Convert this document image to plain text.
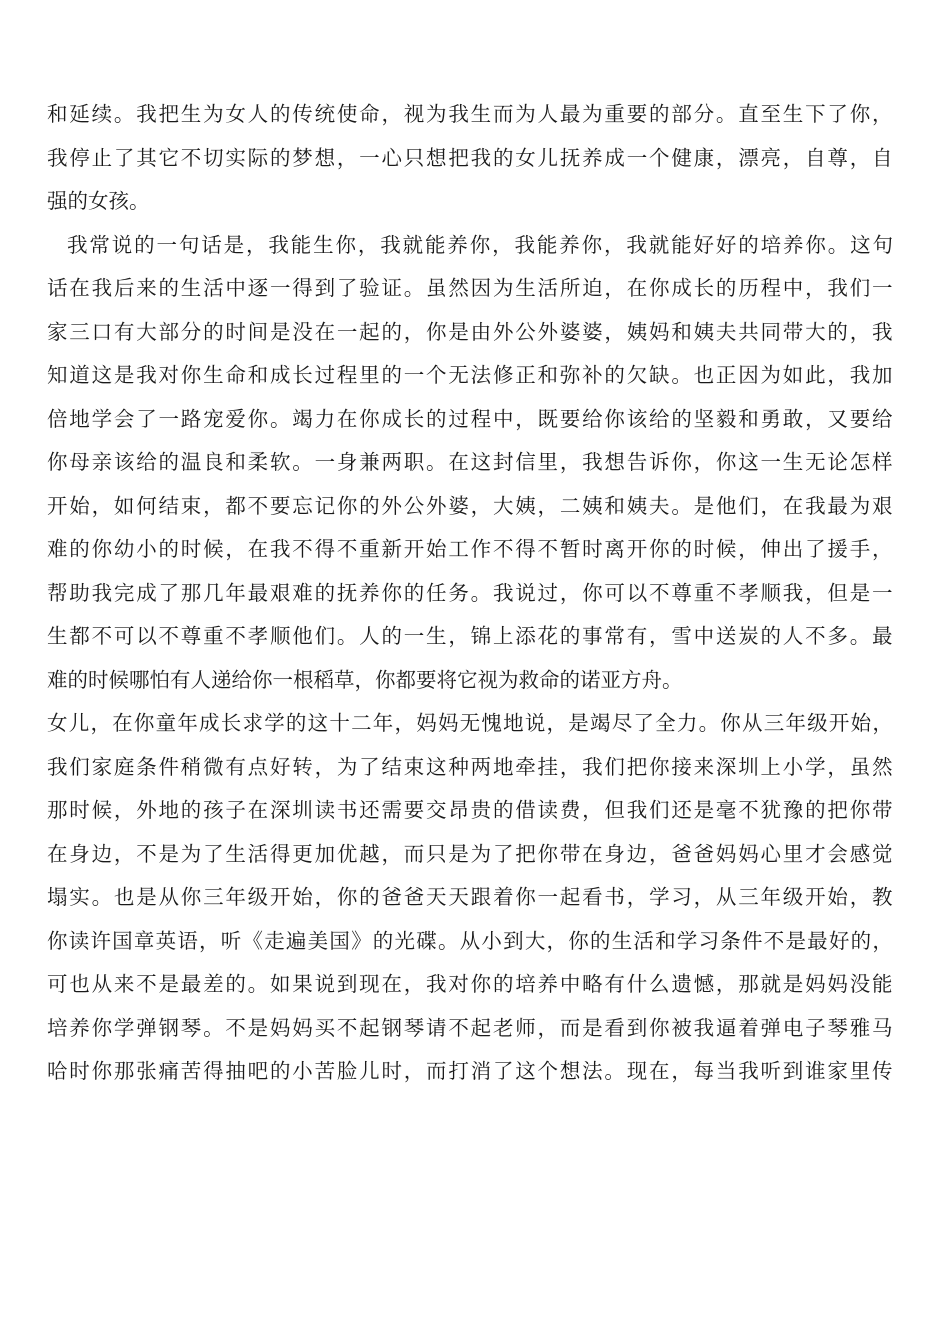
和 延 续 。 我 把 生 为 女 人 的 传 统 使 命 ， 视 为 我 生 而 为 人 最 为 重 要 的 部 分 。 直 至 生 下 了 你 ，
我 停 止 了 其 它 不 切 实 际 的 梦 想 ， 一 心 只 想 把 我 的 女 儿 抚 养 成 一 个 健 康 ， 漂 亮 ， 自 尊 ， 自
强的女孩。
我 常 说 的 一 句 话 是 ， 我 能 生 你 ， 我 就 能 养 你 ， 我 能 养 你 ， 我 就 能 好 好 的 培 养 你 。 这 句
话 在 我 后 来 的 生 活 中 逐 一 得 到 了 验 证 。 虽 然 因 为 生 活 所 迫 ， 在 你 成 长 的 历 程 中 ， 我 们 一
家 三 口 有 大 部 分 的 时 间 是 没 在 一 起 的 ， 你 是 由 外 公 外 婆 婆 ， 姨 妈 和 姨 夫 共 同 带 大 的 ， 我
知 道 这 是 我 对 你 生 命 和 成 长 过 程 里 的 一 个 无 法 修 正 和 弥 补 的 欠 缺 。 也 正 因 为 如 此 ， 我 加
倍 地 学 会 了 一 路 宠 爱 你 。 竭 力 在 你 成 长 的 过 程 中 ， 既 要 给 你 该 给 的 坚 毅 和 勇 敢 ， 又 要 给
你 母 亲 该 给 的 温 良 和 柔 软 。 一 身 兼 两 职 。 在 这 封 信 里 ， 我 想 告 诉 你 ， 你 这 一 生 无 论 怎 样
开 始 ， 如 何 结 束 ， 都 不 要 忘 记 你 的 外 公 外 婆 ， 大 姨 ， 二 姨 和 姨 夫 。 是 他 们 ， 在 我 最 为 艰
难 的 你 幼 小 的 时 候 ， 在 我 不 得 不 重 新 开 始 工 作 不 得 不 暂 时 离 开 你 的 时 候 ， 伸 出 了 援 手 ，
帮 助 我 完 成 了 那 几 年 最 艰 难 的 抚 养 你 的 任 务 。 我 说 过 ， 你 可 以 不 尊 重 不 孝 顺 我 ， 但 是 一
生 都 不 可 以 不 尊 重 不 孝 顺 他 们 。 人 的 一 生 ， 锦 上 添 花 的 事 常 有 ， 雪 中 送 炭 的 人 不 多 。 最
难的时候哪怕有人递给你一根稻草，你都要将它视为救命的诺亚方舟。
女 儿 ， 在 你 童 年 成 长 求 学 的 这 十 二 年 ， 妈 妈 无 愧 地 说 ， 是 竭 尽 了 全 力 。 你 从 三 年 级 开 始 ，
我 们 家 庭 条 件 稍 微 有 点 好 转 ， 为 了 结 束 这 种 两 地 牵 挂 ， 我 们 把 你 接 来 深 圳 上 小 学 ， 虽 然
那 时 候 ， 外 地 的 孩 子 在 深 圳 读 书 还 需 要 交 昂 贵 的 借 读 费 ， 但 我 们 还 是 毫 不 犹 豫 的 把 你 带
在 身 边 ， 不 是 为 了 生 活 得 更 加 优 越 ， 而 只 是 为 了 把 你 带 在 身 边 ， 爸 爸 妈 妈 心 里 才 会 感 觉
塌 实 。 也 是 从 你 三 年 级 开 始 ， 你 的 爸 爸 天 天 跟 着 你 一 起 看 书 ， 学 习 ， 从 三 年 级 开 始 ， 教
你 读 许 国 章 英 语 ， 听 《 走 遍 美 国 》 的 光 碟 。 从 小 到 大 ， 你 的 生 活 和 学 习 条 件 不 是 最 好 的 ，
可 也 从 来 不 是 最 差 的 。 如 果 说 到 现 在 ， 我 对 你 的 培 养 中 略 有 什 么 遗 憾 ， 那 就 是 妈 妈 没 能
培 养 你 学 弹 钢 琴 。 不 是 妈 妈 买 不 起 钢 琴 请 不 起 老 师 ， 而 是 看 到 你 被 我 逼 着 弹 电 子 琴 雅 马
哈 时 你 那 张 痛 苦 得 抽 吧 的 小 苦 脸 儿 时 ， 而 打 消 了 这 个 想 法 。 现 在 ， 每 当 我 听 到 谁 家 里 传
